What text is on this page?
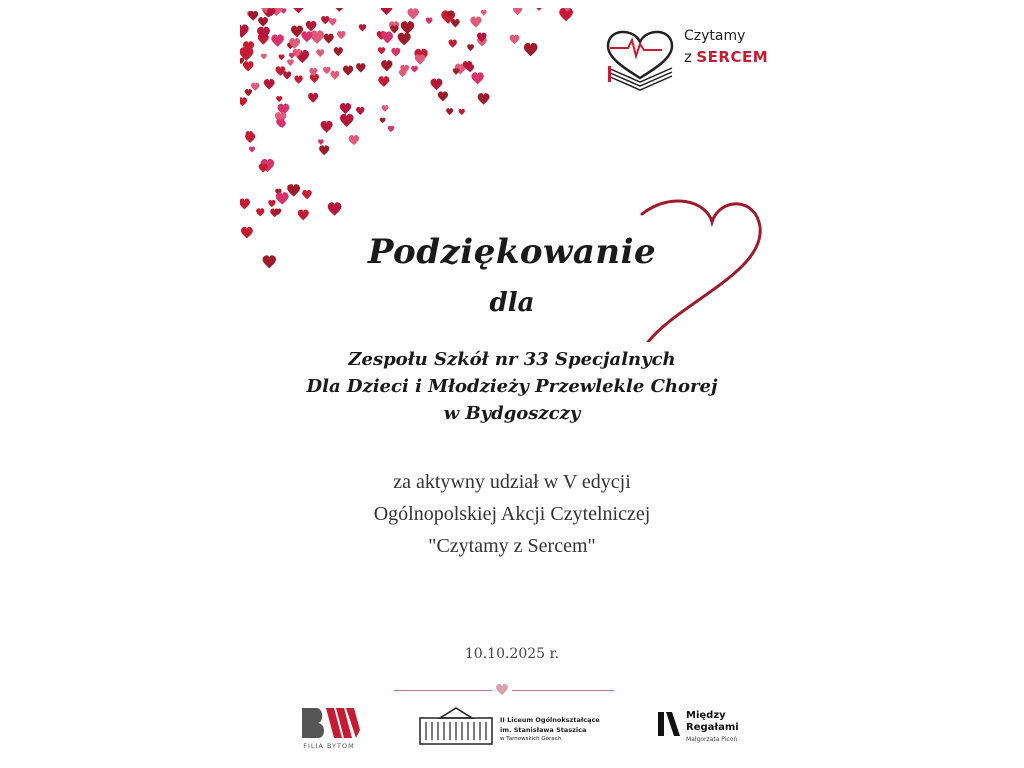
Czytamy
z SERCEM
Podziękowanie
dla
Zespołu Szkół nr 33 Specjalnych
Dla Dzieci i Młodzieży Przewlekle Chorej
w Bydgoszczy
za aktywny udział w V edycji
Ogólnopolskiej Akcji Czytelniczej
"Czytamy z Sercem"
10.10.2025 r.
FILIA BYTOM
II Liceum Ogólnokształcące
im. Stanisława Staszica
w Tarnowskich Górach
Między
Regałami
Małgorzata Picoń
